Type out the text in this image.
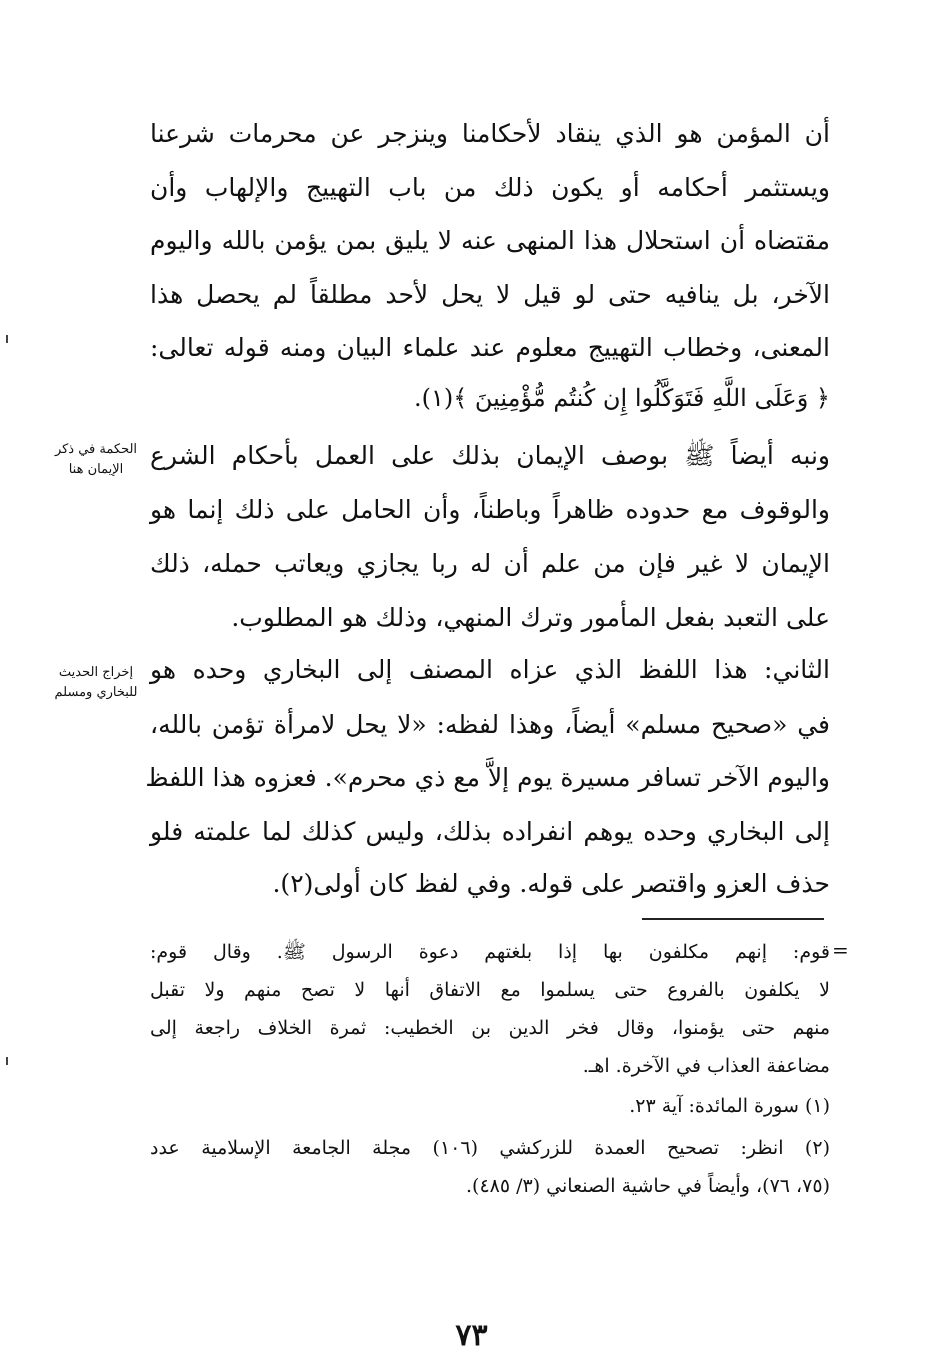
أن المؤمن هو الذي ينقاد لأحكامنا وينزجر عن محرمات شرعنا
ويستثمر أحكامه أو يكون ذلك من باب التهييج والإلهاب وأن
مقتضاه أن استحلال هذا المنهى عنه لا يليق بمن يؤمن بالله واليوم
الآخر، بل ينافيه حتى لو قيل لا يحل لأحد مطلقاً لم يحصل هذا
المعنى، وخطاب التهييج معلوم عند علماء البيان ومنه قوله تعالى:
﴿ وَعَلَى اللَّهِ فَتَوَكَّلُوا إِن كُنتُم مُّؤْمِنِينَ ﴾(١).
الحكمة في ذكر
الإيمان هنا	ونبه أيضاً ﷺ بوصف الإيمان بذلك على العمل بأحكام الشرع
والوقوف مع حدوده ظاهراً وباطناً، وأن الحامل على ذلك إنما هو
الإيمان لا غير فإن من علم أن له ربا يجازي ويعاتب حمله، ذلك
على التعبد بفعل المأمور وترك المنهي، وذلك هو المطلوب.
إخراج الحديث
للبخاري ومسلم
الثاني: هذا اللفظ الذي عزاه المصنف إلى البخاري وحده هو
في «صحيح مسلم» أيضاً، وهذا لفظه: «لا يحل لامرأة تؤمن بالله،
واليوم الآخر تسافر مسيرة يوم إلاَّ مع ذي محرم». فعزوه هذا اللفظ
إلى البخاري وحده يوهم انفراده بذلك، وليس كذلك لما علمته فلو
حذف العزو واقتصر على قوله. وفي لفظ كان أولى(٢).
=
قوم: إنهم مكلفون بها إذا بلغتهم دعوة الرسول ﷺ. وقال قوم:
لا يكلفون بالفروع حتى يسلموا مع الاتفاق أنها لا تصح منهم ولا تقبل
منهم حتى يؤمنوا، وقال فخر الدين بن الخطيب: ثمرة الخلاف راجعة إلى
مضاعفة العذاب في الآخرة. اهـ.
(١) سورة المائدة: آية ٢٣.
(٢) انظر: تصحيح العمدة للزركشي (١٠٦) مجلة الجامعة الإسلامية عدد
(٧٥، ٧٦)، وأيضاً في حاشية الصنعاني (٣/ ٤٨٥).
٧٣
